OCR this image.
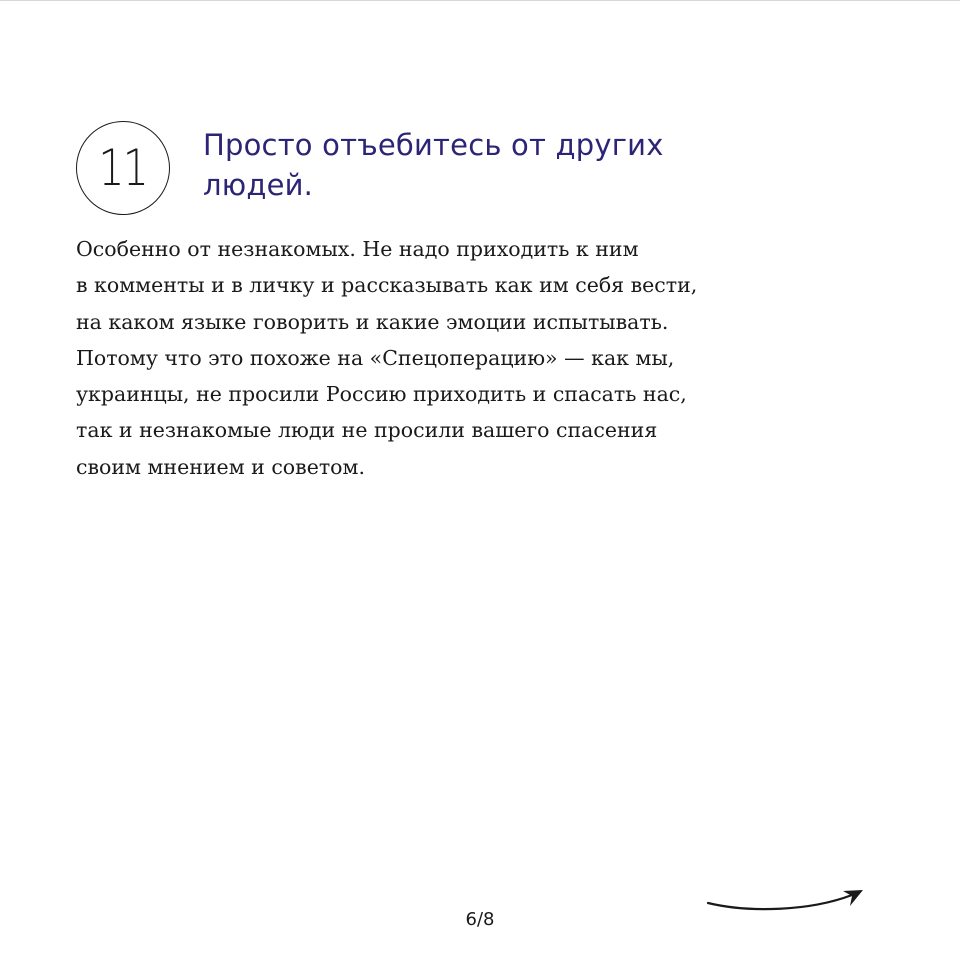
11 Просто отъебитесь от других
людей.

Особенно от незнакомых. Не надо приходить к ним
в комменты и в личку и рассказывать как им себя вести,
на каком языке говорить и какие эмоции испытывать.
Потому что это похоже на «Спецоперацию» — как мы,
украинцы, не просили Россию приходить и спасать нас,
так и незнакомые люди не просили вашего спасения
своим мнением и советом.

6/8
